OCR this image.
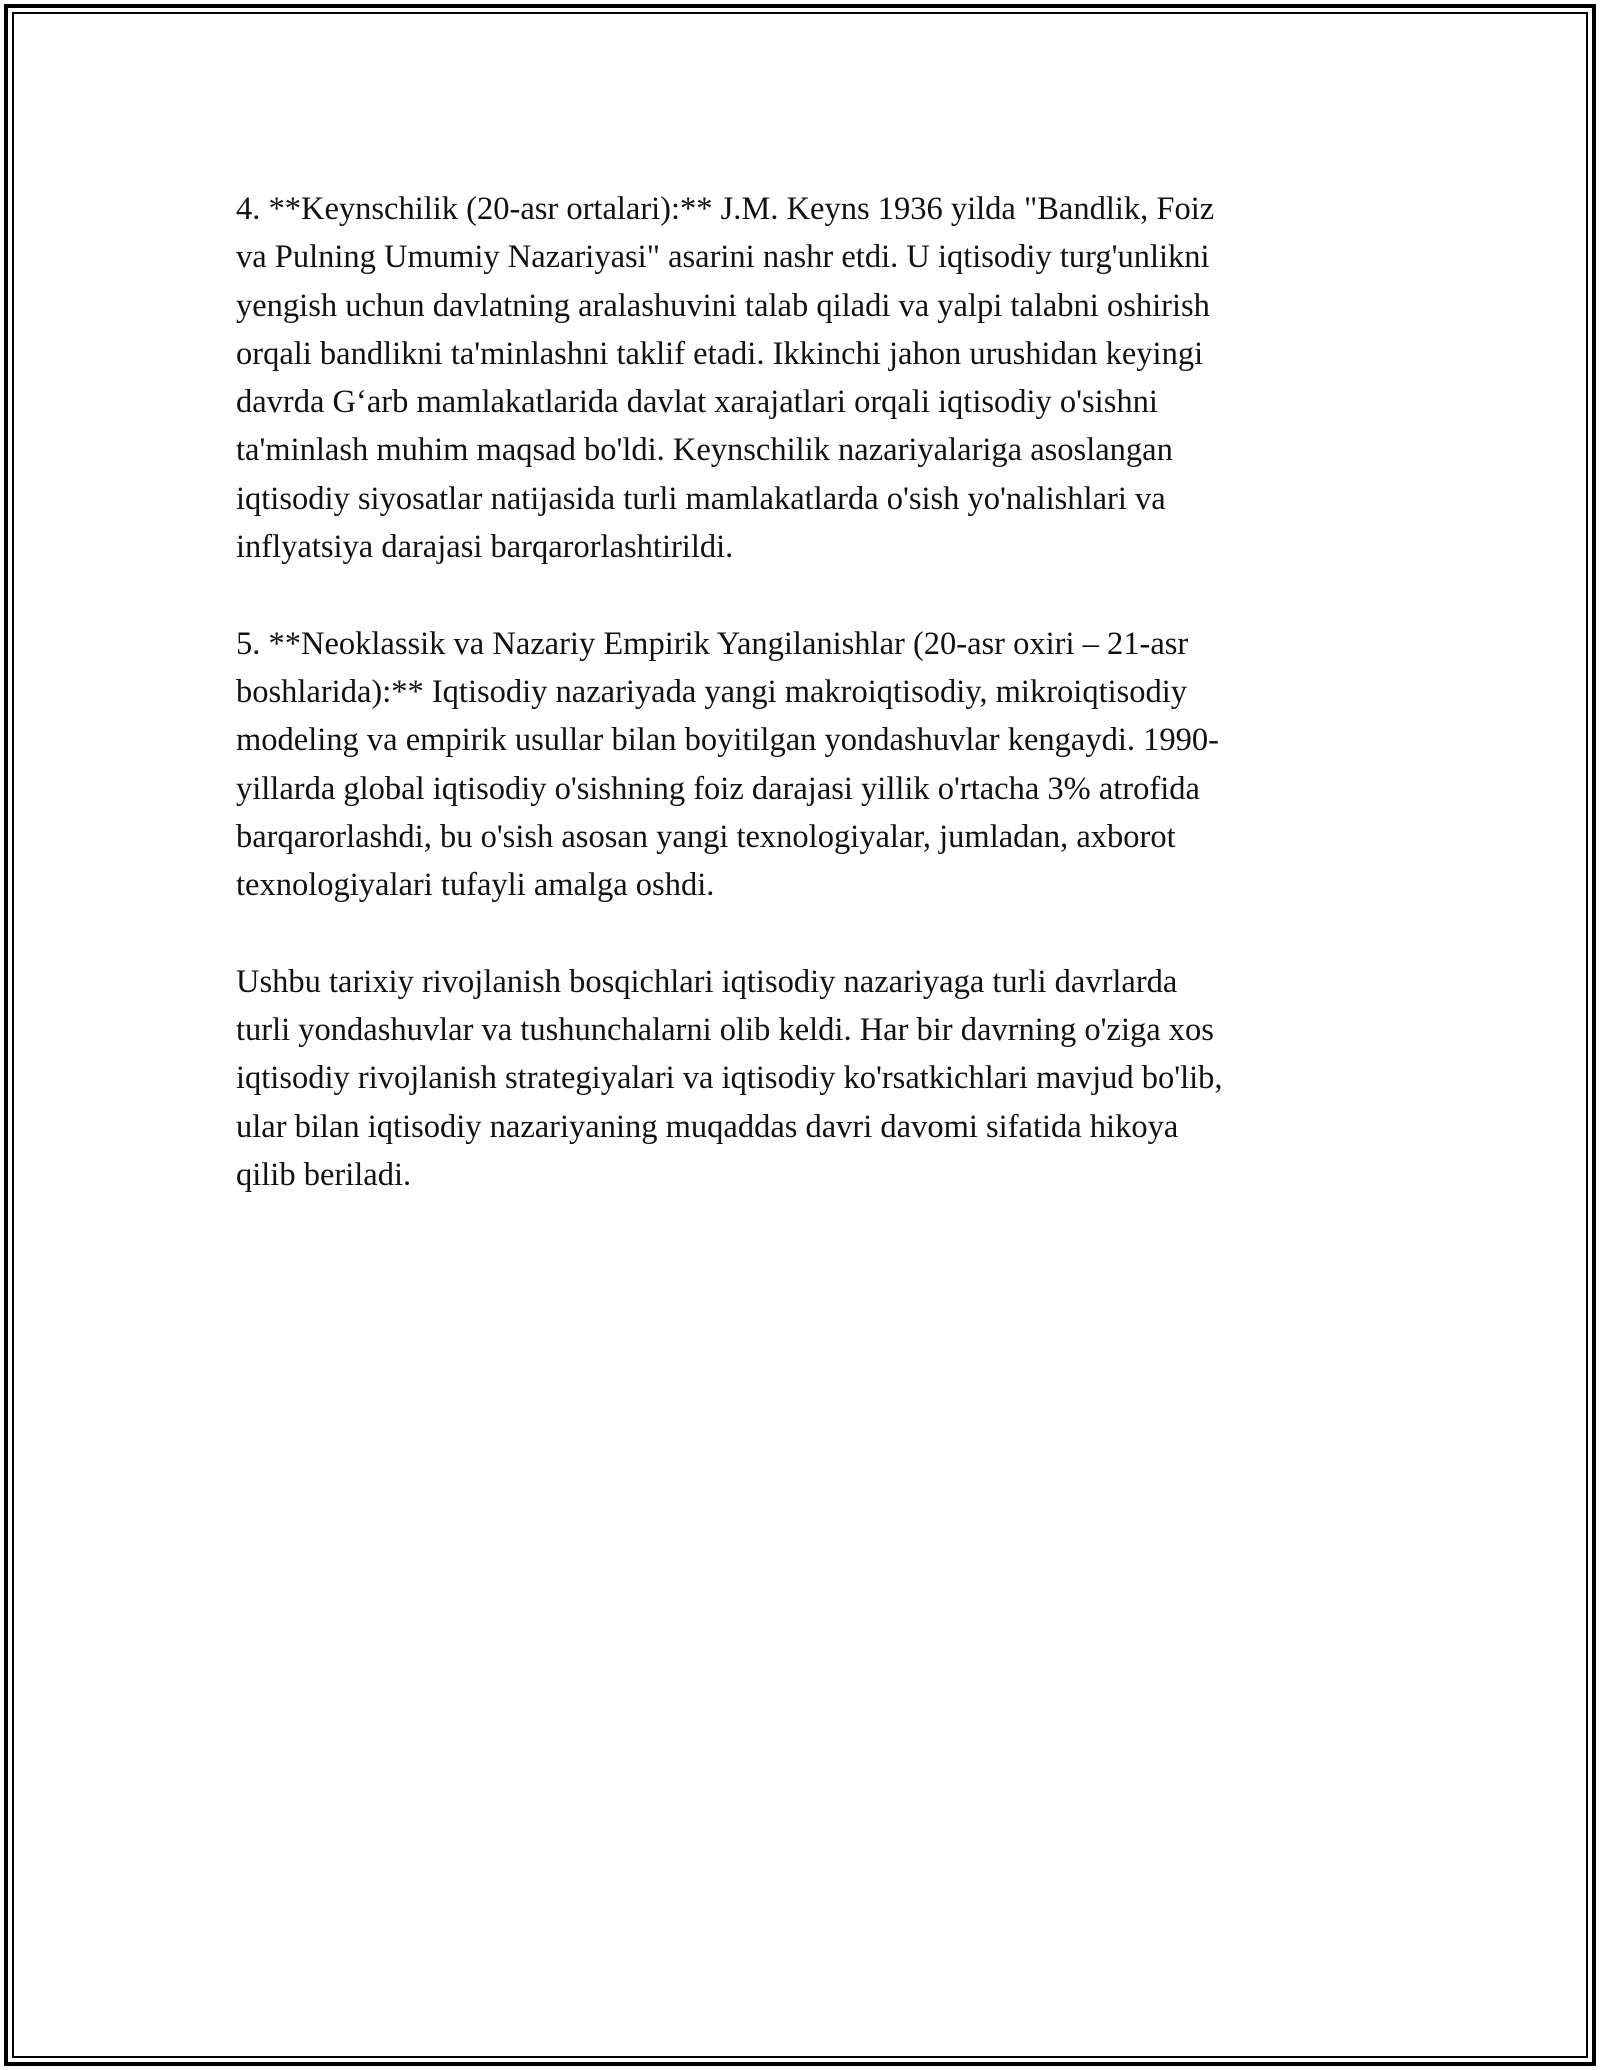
4. **Keynschilik (20-asr ortalari):** J.M. Keyns 1936 yilda "Bandlik, Foiz
va Pulning Umumiy Nazariyasi" asarini nashr etdi. U iqtisodiy turg'unlikni
yengish uchun davlatning aralashuvini talab qiladi va yalpi talabni oshirish
orqali bandlikni ta'minlashni taklif etadi. Ikkinchi jahon urushidan keyingi
davrda G‘arb mamlakatlarida davlat xarajatlari orqali iqtisodiy o'sishni
ta'minlash muhim maqsad bo'ldi. Keynschilik nazariyalariga asoslangan
iqtisodiy siyosatlar natijasida turli mamlakatlarda o'sish yo'nalishlari va
inflyatsiya darajasi barqarorlashtirildi.

5. **Neoklassik va Nazariy Empirik Yangilanishlar (20-asr oxiri – 21-asr
boshlarida):** Iqtisodiy nazariyada yangi makroiqtisodiy, mikroiqtisodiy
modeling va empirik usullar bilan boyitilgan yondashuvlar kengaydi. 1990-
yillarda global iqtisodiy o'sishning foiz darajasi yillik o'rtacha 3% atrofida
barqarorlashdi, bu o'sish asosan yangi texnologiyalar, jumladan, axborot
texnologiyalari tufayli amalga oshdi.

Ushbu tarixiy rivojlanish bosqichlari iqtisodiy nazariyaga turli davrlarda
turli yondashuvlar va tushunchalarni olib keldi. Har bir davrning o'ziga xos
iqtisodiy rivojlanish strategiyalari va iqtisodiy ko'rsatkichlari mavjud bo'lib,
ular bilan iqtisodiy nazariyaning muqaddas davri davomi sifatida hikoya
qilib beriladi.
